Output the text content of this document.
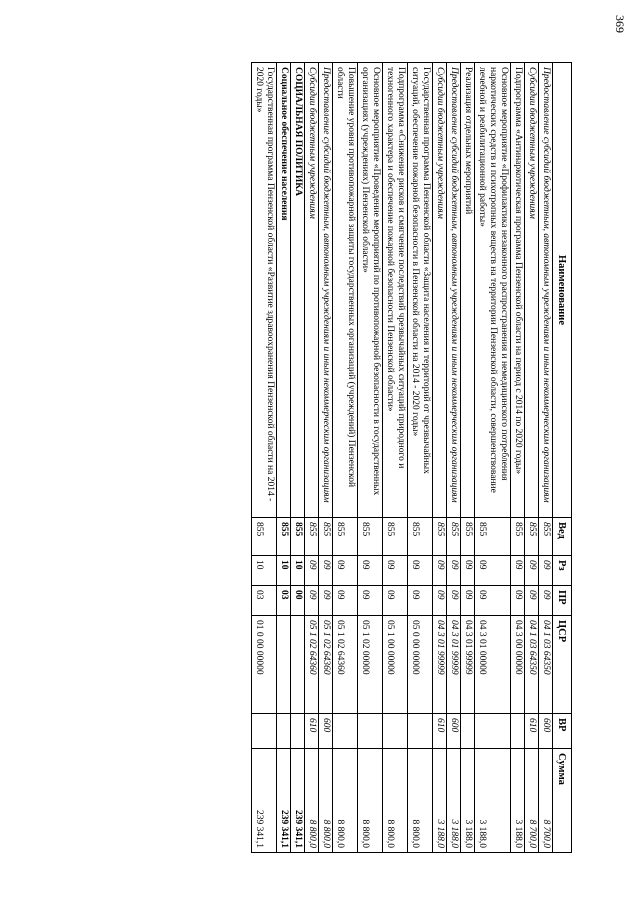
369
Наименование	Вед	Рз	ПР	ЦСР	ВР	Сумма
Предоставление субсидий бюджетным, автономным учреждениям и иным некоммерческим организациям	855	09	09	04 1 03 64350	600	8 700,0
Субсидии бюджетным учреждениям	855	09	09	04 1 03 64350	610	8 700,0
Подпрограмма «Антинаркотическая программа Пензенской области на период с 2014 по 2020 годы»	855	09	09	04 3 00 00000		3 188,0
Основное мероприятие «Профилактика незаконного распространения и немедицинского потребления наркотических средств и психотропных веществ на территории Пензенской области, совершенствование лечебной и реабилитационной работы»	855	09	09	04 3 01 00000		3 188,0
Реализация отдельных мероприятий	855	09	09	04 3 01 99999		3 188,0
Предоставление субсидий бюджетным, автономным учреждениям и иным некоммерческим организациям	855	09	09	04 3 01 99999	600	3 188,0
Субсидии бюджетным учреждениям	855	09	09	04 3 01 99999	610	3 188,0
Государственная программа Пензенской области «Защита населения и территорий от чрезвычайных ситуаций, обеспечение пожарной безопасности в Пензенской области на 2014 - 2020 годы»	855	09	09	05 0 00 00000		8 800,0
Подпрограмма «Снижение рисков и смягчение последствий чрезвычайных ситуаций природного и техногенного характера и обеспечение пожарной безопасности Пензенской области»	855	09	09	05 1 00 00000		8 800,0
Основное мероприятие «Проведение мероприятий по противопожарной безопасности в государственных организациях (учреждениях) Пензенской области»	855	09	09	05 1 02 00000		8 800,0
Повышение уровня противопожарной защиты государственных организаций (учреждений) Пензенской области	855	09	09	05 1 02 64360		8 800,0
Предоставление субсидий бюджетным, автономным учреждениям и иным некоммерческим организациям	855	09	09	05 1 02 64360	600	8 800,0
Субсидии бюджетным учреждениям	855	09	09	05 1 02 64360	610	8 800,0
СОЦИАЛЬНАЯ ПОЛИТИКА	855	10	00			239 341,1
Социальное обеспечение населения	855	10	03			239 341,1
Государственная программа Пензенской области «Развитие здравоохранения Пензенской области на 2014 - 2020 годы»	855	10	03	01 0 00 00000		239 341,1
